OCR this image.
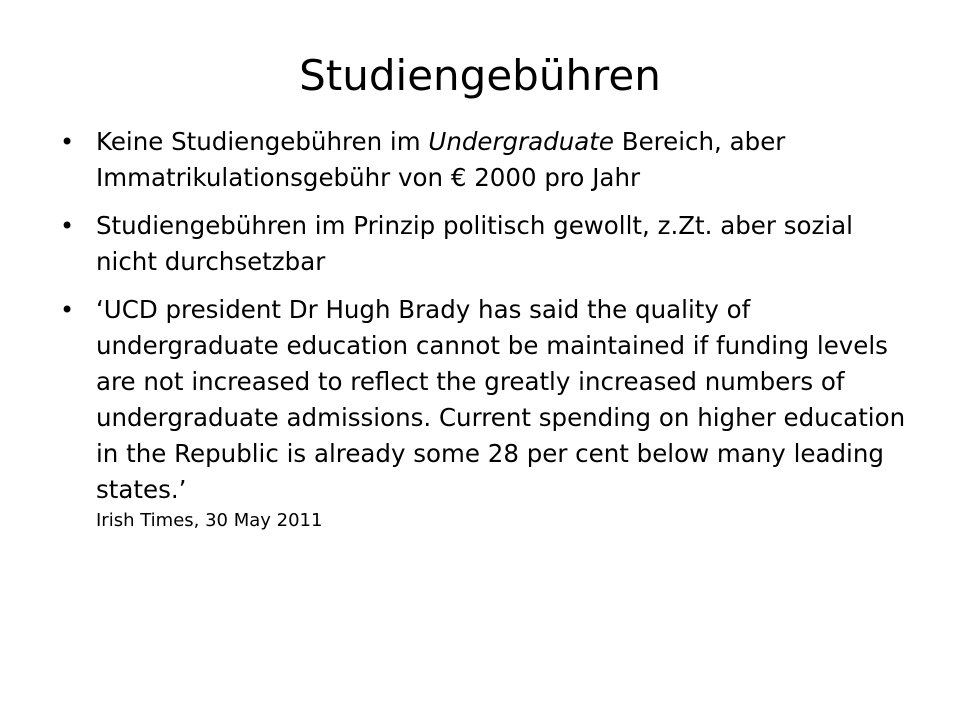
Studiengebühren
• Keine Studiengebühren im Undergraduate Bereich, aber Immatrikulationsgebühr von € 2000 pro Jahr
• Studiengebühren im Prinzip politisch gewollt, z.Zt. aber sozial nicht durchsetzbar
• ‘UCD president Dr Hugh Brady has said the quality of undergraduate education cannot be maintained if funding levels are not increased to reflect the greatly increased numbers of undergraduate admissions. Current spending on higher education in the Republic is already some 28 per cent below many leading states.’
Irish Times, 30 May 2011
